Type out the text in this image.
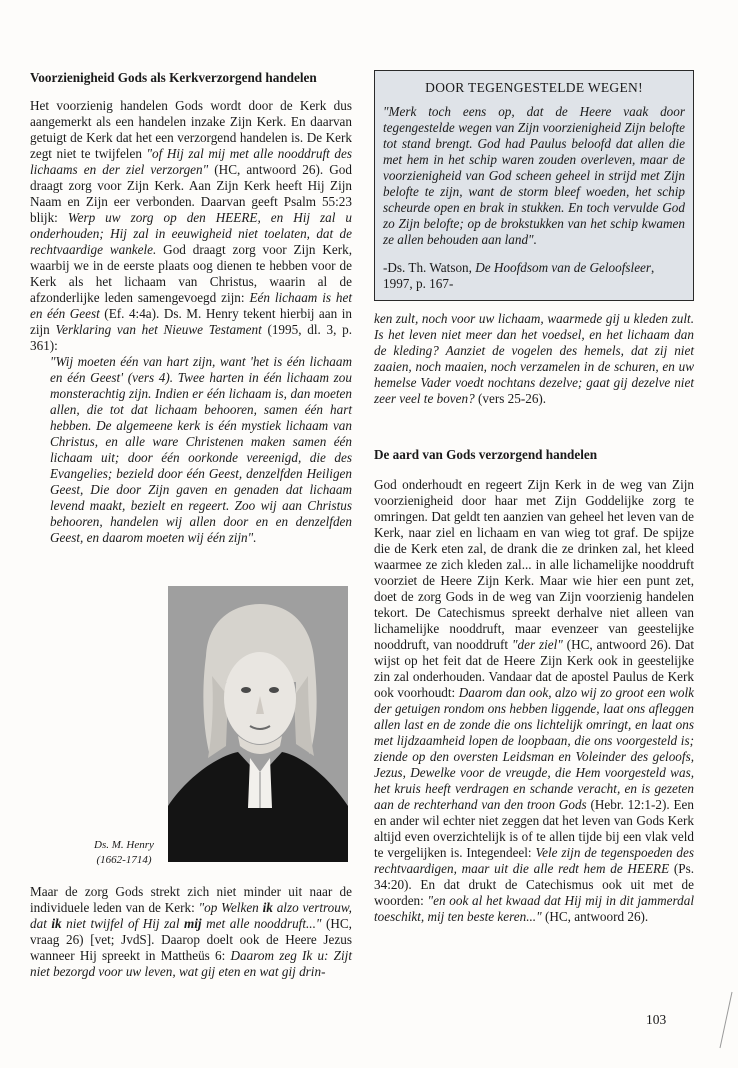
Voorzienigheid Gods als Kerkverzorgend handelen

Het voorzienig handelen Gods wordt door de Kerk dus aangemerkt als een handelen inzake Zijn Kerk. En daarvan getuigt de Kerk dat het een verzorgend handelen is. De Kerk zegt niet te twijfelen "of Hij zal mij met alle nooddruft des lichaams en der ziel verzorgen" (HC, antwoord 26). God draagt zorg voor Zijn Kerk. Aan Zijn Kerk heeft Hij Zijn Naam en Zijn eer verbonden. Daarvan geeft Psalm 55:23 blijk: Werp uw zorg op den HEERE, en Hij zal u onderhouden; Hij zal in eeuwigheid niet toelaten, dat de rechtvaardige wankele. God draagt zorg voor Zijn Kerk, waarbij we in de eerste plaats oog dienen te hebben voor de Kerk als het lichaam van Christus, waarin al de afzonderlijke leden samengevoegd zijn: Eén lichaam is het en één Geest (Ef. 4:4a). Ds. M. Henry tekent hierbij aan in zijn Verklaring van het Nieuwe Testament (1995, dl. 3, p. 361):

"Wij moeten één van hart zijn, want 'het is één lichaam en één Geest' (vers 4). Twee harten in één lichaam zou monsterachtig zijn. Indien er één lichaam is, dan moeten allen, die tot dat lichaam behooren, samen één hart hebben. De algemeene kerk is één mystiek lichaam van Christus, en alle ware Christenen maken samen één lichaam uit; door één oorkonde vereenigd, die des Evangelies; bezield door één Geest, denzelfden Heiligen Geest, Die door Zijn gaven en genaden dat lichaam levend maakt, bezielt en regeert. Zoo wij aan Christus behooren, handelen wij allen door en en denzelfden Geest, en daarom moeten wij één zijn".
Ds. M. Henry
(1662-1714)

Maar de zorg Gods strekt zich niet minder uit naar de individuele leden van de Kerk: "op Welken ik alzo vertrouw, dat ik niet twijfel of Hij zal mij met alle nooddruft..." (HC, vraag 26) [vet; JvdS]. Daarop doelt ook de Heere Jezus wanneer Hij spreekt in Mattheüs 6: Daarom zeg Ik u: Zijt niet bezorgd voor uw leven, wat gij eten en wat gij drin-

DOOR TEGENGESTELDE WEGEN!
"Merk toch eens op, dat de Heere vaak door tegengestelde wegen van Zijn voorzienigheid Zijn belofte tot stand brengt. God had Paulus beloofd dat allen die met hem in het schip waren zouden overleven, maar de voorzienigheid van God scheen geheel in strijd met Zijn belofte te zijn, want de storm bleef woeden, het schip scheurde open en brak in stukken. En toch vervulde God zo Zijn belofte; op de brokstukken van het schip kwamen ze allen behouden aan land".
-Ds. Th. Watson, De Hoofdsom van de Geloofsleer, 1997, p. 167-

ken zult, noch voor uw lichaam, waarmede gij u kleden zult. Is het leven niet meer dan het voedsel, en het lichaam dan de kleding? Aanziet de vogelen des hemels, dat zij niet zaaien, noch maaien, noch verzamelen in de schuren, en uw hemelse Vader voedt nochtans dezelve; gaat gij dezelve niet zeer veel te boven? (vers 25-26).

De aard van Gods verzorgend handelen

God onderhoudt en regeert Zijn Kerk in de weg van Zijn voorzienigheid door haar met Zijn Goddelijke zorg te omringen. Dat geldt ten aanzien van geheel het leven van de Kerk, naar ziel en lichaam en van wieg tot graf. De spijze die de Kerk eten zal, de drank die ze drinken zal, het kleed waarmee ze zich kleden zal... in alle lichamelijke nooddruft voorziet de Heere Zijn Kerk. Maar wie hier een punt zet, doet de zorg Gods in de weg van Zijn voorzienig handelen tekort. De Catechismus spreekt derhalve niet alleen van lichamelijke nooddruft, maar evenzeer van geestelijke nooddruft, van nooddruft "der ziel" (HC, antwoord 26). Dat wijst op het feit dat de Heere Zijn Kerk ook in geestelijke zin zal onderhouden. Vandaar dat de apostel Paulus de Kerk ook voorhoudt: Daarom dan ook, alzo wij zo groot een wolk der getuigen rondom ons hebben liggende, laat ons afleggen allen last en de zonde die ons lichtelijk omringt, en laat ons met lijdzaamheid lopen de loopbaan, die ons voorgesteld is; ziende op den oversten Leidsman en Voleinder des geloofs, Jezus, Dewelke voor de vreugde, die Hem voorgesteld was, het kruis heeft verdragen en schande veracht, en is gezeten aan de rechterhand van den troon Gods (Hebr. 12:1-2). Een en ander wil echter niet zeggen dat het leven van Gods Kerk altijd even overzichtelijk is of te allen tijde bij een vlak veld te vergelijken is. Integendeel: Vele zijn de tegenspoeden des rechtvaardigen, maar uit die alle redt hem de HEERE (Ps. 34:20). En dat drukt de Catechismus ook uit met de woorden: "en ook al het kwaad dat Hij mij in dit jammerdal toeschikt, mij ten beste keren..." (HC, antwoord 26).

103
